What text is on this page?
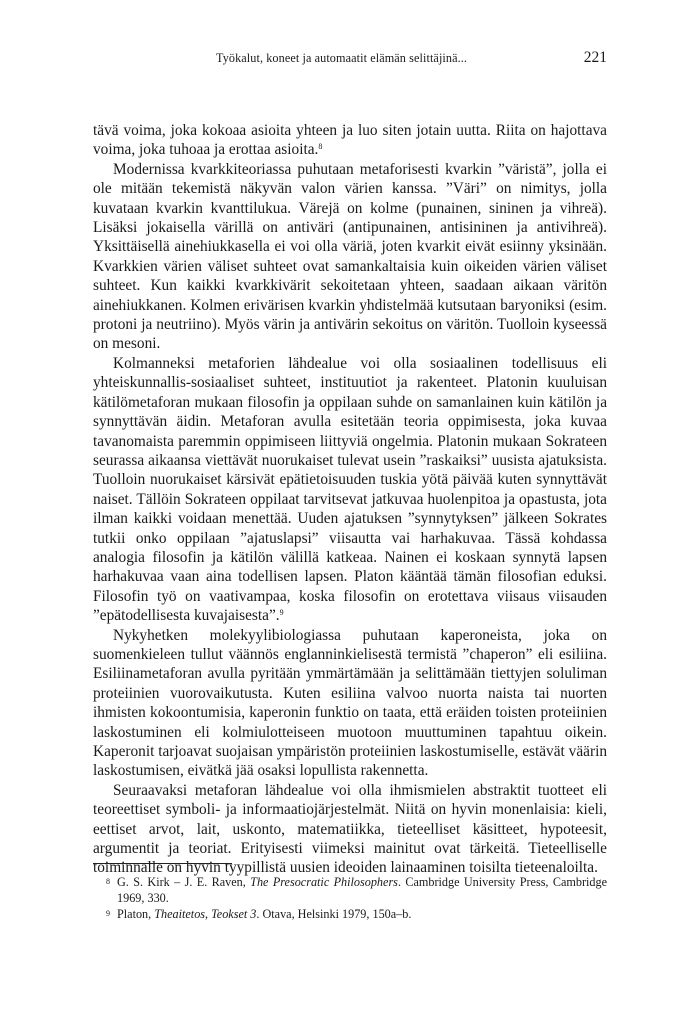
Työkalut, koneet ja automaatit elämän selittäjinä...	221

tävä voima, joka kokoaa asioita yhteen ja luo siten jotain uutta. Riita on hajottava voima, joka tuhoaa ja erottaa asioita.$^8$

Modernissa kvarkkiteoriassa puhutaan metaforisesti kvarkin ”väristä”, jolla ei ole mitään tekemistä näkyvän valon värien kanssa. ”Väri” on nimitys, jolla kuvataan kvarkin kvanttilukua. Värejä on kolme (punainen, sininen ja vihreä). Lisäksi jokaisella värillä on antiväri (antipunainen, antisininen ja antivihreä). Yksittäisellä ainehiukkasella ei voi olla väriä, joten kvarkit eivät esiinny yksinään. Kvarkkien värien väliset suhteet ovat samankaltaisia kuin oikeiden värien väliset suhteet. Kun kaikki kvarkkivärit sekoitetaan yhteen, saadaan aikaan väritön ainehiukkanen. Kolmen erivärisen kvarkin yhdistelmää kutsutaan baryoniksi (esim. protoni ja neutriino). Myös värin ja antivärin sekoitus on väritön. Tuolloin kyseessä on mesoni.

Kolmanneksi metaforien lähdealue voi olla sosiaalinen todellisuus eli yhteiskunnallis-sosiaaliset suhteet, instituutiot ja rakenteet. Platonin kuuluisan kätilömetaforan mukaan filosofin ja oppilaan suhde on samanlainen kuin kätilön ja synnyttävän äidin. Metaforan avulla esitetään teoria oppimisesta, joka kuvaa tavanomaista paremmin oppimiseen liittyviä ongelmia. Platonin mukaan Sokrateen seurassa aikaansa viettävät nuorukaiset tulevat usein ”raskaiksi” uusista ajatuksista. Tuolloin nuorukaiset kärsivät epätietoisuuden tuskia yötä päivää kuten synnyttävät naiset. Tällöin Sokrateen oppilaat tarvitsevat jatkuvaa huolenpitoa ja opastusta, jota ilman kaikki voidaan menettää. Uuden ajatuksen ”synnytyksen” jälkeen Sokrates tutkii onko oppilaan ”ajatuslapsi” viisautta vai harhakuvaa. Tässä kohdassa analogia filosofin ja kätilön välillä katkeaa. Nainen ei koskaan synnytä lapsen harhakuvaa vaan aina todellisen lapsen. Platon kääntää tämän filosofian eduksi. Filosofin työ on vaativampaa, koska filosofin on erotettava viisaus viisauden ”epätodellisesta kuvajaisesta”.$^9$

Nykyhetken molekyylibiologiassa puhutaan kaperoneista, joka on suomenkieleen tullut väännös englanninkielisestä termistä ”chaperon” eli esiliina. Esiliinametaforan avulla pyritään ymmärtämään ja selittämään tiettyjen soluliman proteiinien vuorovaikutusta. Kuten esiliina valvoo nuorta naista tai nuorten ihmisten kokoontumisia, kaperonin funktio on taata, että eräiden toisten proteiinien laskostuminen eli kolmiulotteiseen muotoon muuttuminen tapahtuu oikein. Kaperonit tarjoavat suojaisan ympäristön proteiinien laskostumiselle, estävät väärin laskostumisen, eivätkä jää osaksi lopullista rakennetta.

Seuraavaksi metaforan lähdealue voi olla ihmismielen abstraktit tuotteet eli teoreettiset symboli- ja informaatiojärjestelmät. Niitä on hyvin monenlaisia: kieli, eettiset arvot, lait, uskonto, matematiikka, tieteelliset käsitteet, hypoteesit, argumentit ja teoriat. Erityisesti viimeksi mainitut ovat tärkeitä. Tieteelliselle toiminnalle on hyvin tyypillistä uusien ideoiden lainaaminen toisilta tieteenaloilta.

8 G. S. Kirk – J. E. Raven, The Presocratic Philosophers. Cambridge University Press, Cambridge 1969, 330.

9 Platon, Theaitetos, Teokset 3. Otava, Helsinki 1979, 150a–b.
